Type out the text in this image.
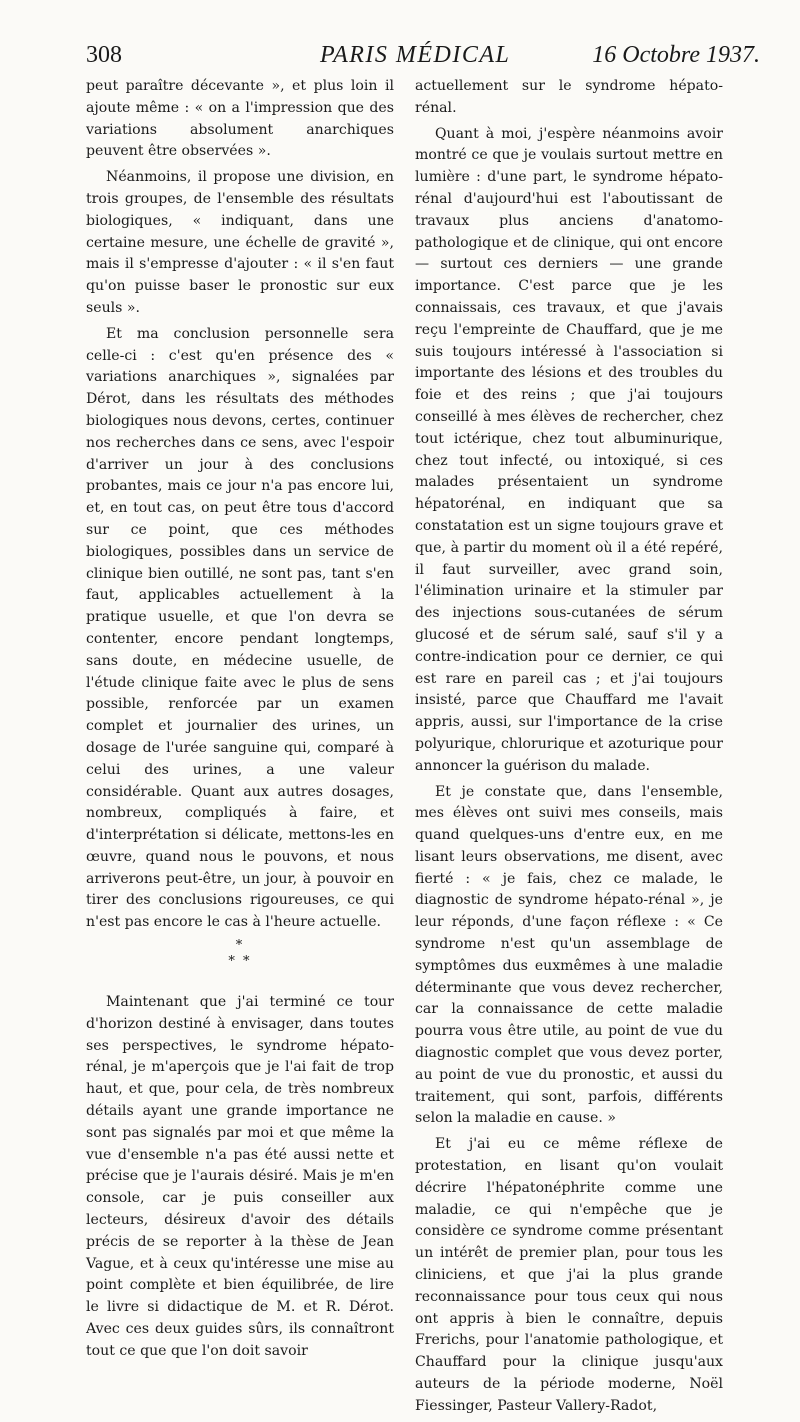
308	PARIS MÉDICAL	16 Octobre 1937.

peut paraître décevante », et plus loin il ajoute même : « on a l'impression que des variations absolument anarchiques peuvent être observées ».

Néanmoins, il propose une division, en trois groupes, de l'ensemble des résultats biologiques, « indiquant, dans une certaine mesure, une échelle de gravité », mais il s'empresse d'ajouter : « il s'en faut qu'on puisse baser le pronostic sur eux seuls ».

Et ma conclusion personnelle sera celle-ci : c'est qu'en présence des « variations anarchiques », signalées par Dérot, dans les résultats des méthodes biologiques nous devons, certes, continuer nos recherches dans ce sens, avec l'espoir d'arriver un jour à des conclusions probantes, mais ce jour n'a pas encore lui, et, en tout cas, on peut être tous d'accord sur ce point, que ces méthodes biologiques, possibles dans un service de clinique bien outillé, ne sont pas, tant s'en faut, applicables actuellement à la pratique usuelle, et que l'on devra se contenter, encore pendant longtemps, sans doute, en médecine usuelle, de l'étude clinique faite avec le plus de sens possible, renforcée par un examen complet et journalier des urines, un dosage de l'urée sanguine qui, comparé à celui des urines, a une valeur considérable. Quant aux autres dosages, nombreux, compliqués à faire, et d'interprétation si délicate, mettons-les en œuvre, quand nous le pouvons, et nous arriverons peut-être, un jour, à pouvoir en tirer des conclusions rigoureuses, ce qui n'est pas encore le cas à l'heure actuelle.

*
* *

Maintenant que j'ai terminé ce tour d'horizon destiné à envisager, dans toutes ses perspectives, le syndrome hépato-rénal, je m'aperçois que je l'ai fait de trop haut, et que, pour cela, de très nombreux détails ayant une grande importance ne sont pas signalés par moi et que même la vue d'ensemble n'a pas été aussi nette et précise que je l'aurais désiré. Mais je m'en console, car je puis conseiller aux lecteurs, désireux d'avoir des détails précis de se reporter à la thèse de Jean Vague, et à ceux qu'intéresse une mise au point complète et bien équilibrée, de lire le livre si didactique de M. et R. Dérot. Avec ces deux guides sûrs, ils connaîtront tout ce que que l'on doit savoir

actuellement sur le syndrome hépato-rénal.

Quant à moi, j'espère néanmoins avoir montré ce que je voulais surtout mettre en lumière : d'une part, le syndrome hépato-rénal d'aujourd'hui est l'aboutissant de travaux plus anciens d'anatomo-pathologique et de clinique, qui ont encore — surtout ces derniers — une grande importance. C'est parce que je les connaissais, ces travaux, et que j'avais reçu l'empreinte de Chauffard, que je me suis toujours intéressé à l'association si importante des lésions et des troubles du foie et des reins ; que j'ai toujours conseillé à mes élèves de rechercher, chez tout ictérique, chez tout albuminurique, chez tout infecté, ou intoxiqué, si ces malades présentaient un syndrome hépatorénal, en indiquant que sa constatation est un signe toujours grave et que, à partir du moment où il a été repéré, il faut surveiller, avec grand soin, l'élimination urinaire et la stimuler par des injections sous-cutanées de sérum glucosé et de sérum salé, sauf s'il y a contre-indication pour ce dernier, ce qui est rare en pareil cas ; et j'ai toujours insisté, parce que Chauffard me l'avait appris, aussi, sur l'importance de la crise polyurique, chlorurique et azoturique pour annoncer la guérison du malade.

Et je constate que, dans l'ensemble, mes élèves ont suivi mes conseils, mais quand quelques-uns d'entre eux, en me lisant leurs observations, me disent, avec fierté : « je fais, chez ce malade, le diagnostic de syndrome hépato-rénal », je leur réponds, d'une façon réflexe : « Ce syndrome n'est qu'un assemblage de symptômes dus euxmêmes à une maladie déterminante que vous devez rechercher, car la connaissance de cette maladie pourra vous être utile, au point de vue du diagnostic complet que vous devez porter, au point de vue du pronostic, et aussi du traitement, qui sont, parfois, différents selon la maladie en cause. »

Et j'ai eu ce même réflexe de protestation, en lisant qu'on voulait décrire l'hépatonéphrite comme une maladie, ce qui n'empêche que je considère ce syndrome comme présentant un intérêt de premier plan, pour tous les cliniciens, et que j'ai la plus grande reconnaissance pour tous ceux qui nous ont appris à bien le connaître, depuis Frerichs, pour l'anatomie pathologique, et Chauffard pour la clinique jusqu'aux auteurs de la période moderne, Noël Fiessinger, Pasteur Vallery-Radot,
